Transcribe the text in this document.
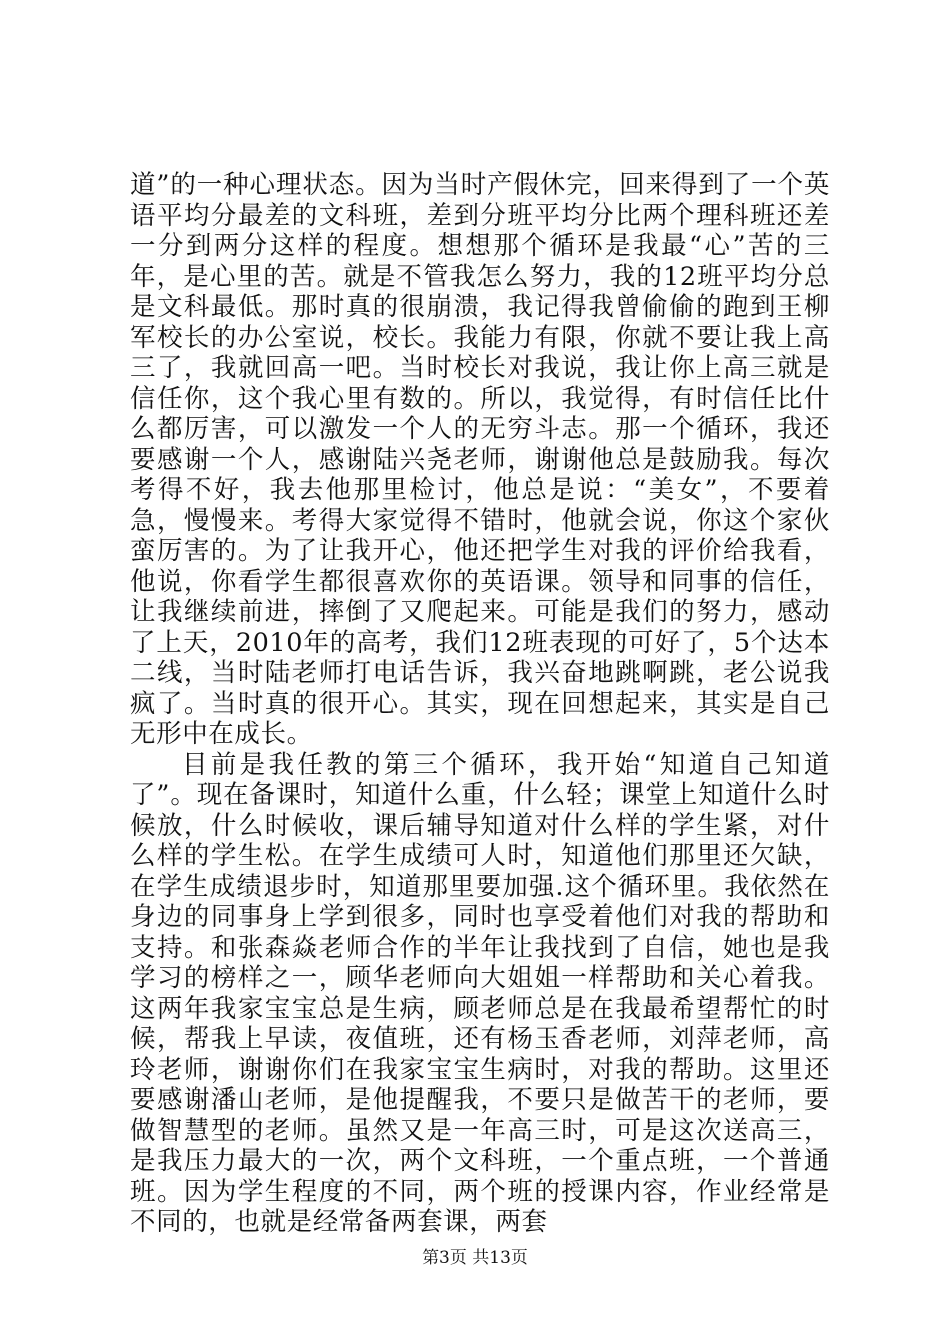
道”的一种心理状态。因为当时产假休完，回来得到了一个英语平均分最差的文科班，差到分班平均分比两个理科班还差一分到两分这样的程度。想想那个循环是我最“心”苦的三年，是心里的苦。就是不管我怎么努力，我的12班平均分总是文科最低。那时真的很崩溃，我记得我曾偷偷的跑到王柳军校长的办公室说，校长。我能力有限，你就不要让我上高三了，我就回高一吧。当时校长对我说，我让你上高三就是信任你，这个我心里有数的。所以，我觉得，有时信任比什么都厉害，可以激发一个人的无穷斗志。那一个循环，我还要感谢一个人，感谢陆兴尧老师，谢谢他总是鼓励我。每次考得不好，我去他那里检讨，他总是说：“美女”，不要着急，慢慢来。考得大家觉得不错时，他就会说，你这个家伙蛮厉害的。为了让我开心，他还把学生对我的评价给我看，他说，你看学生都很喜欢你的英语课。领导和同事的信任，让我继续前进，摔倒了又爬起来。可能是我们的努力，感动了上天，2010年的高考，我们12班表现的可好了，5个达本二线，当时陆老师打电话告诉，我兴奋地跳啊跳，老公说我疯了。当时真的很开心。其实，现在回想起来，其实是自己无形中在成长。

目前是我任教的第三个循环，我开始“知道自己知道了”。现在备课时，知道什么重，什么轻；课堂上知道什么时候放，什么时候收，课后辅导知道对什么样的学生紧，对什么样的学生松。在学生成绩可人时，知道他们那里还欠缺，在学生成绩退步时，知道那里要加强.这个循环里。我依然在身边的同事身上学到很多，同时也享受着他们对我的帮助和支持。和张森焱老师合作的半年让我找到了自信，她也是我学习的榜样之一，顾华老师向大姐姐一样帮助和关心着我。这两年我家宝宝总是生病，顾老师总是在我最希望帮忙的时候，帮我上早读，夜值班，还有杨玉香老师，刘萍老师，高玲老师，谢谢你们在我家宝宝生病时，对我的帮助。这里还要感谢潘山老师，是他提醒我，不要只是做苦干的老师，要做智慧型的老师。虽然又是一年高三时，可是这次送高三，是我压力最大的一次，两个文科班，一个重点班，一个普通班。因为学生程度的不同，两个班的授课内容，作业经常是不同的，也就是经常备两套课，两套

第3页 共13页
